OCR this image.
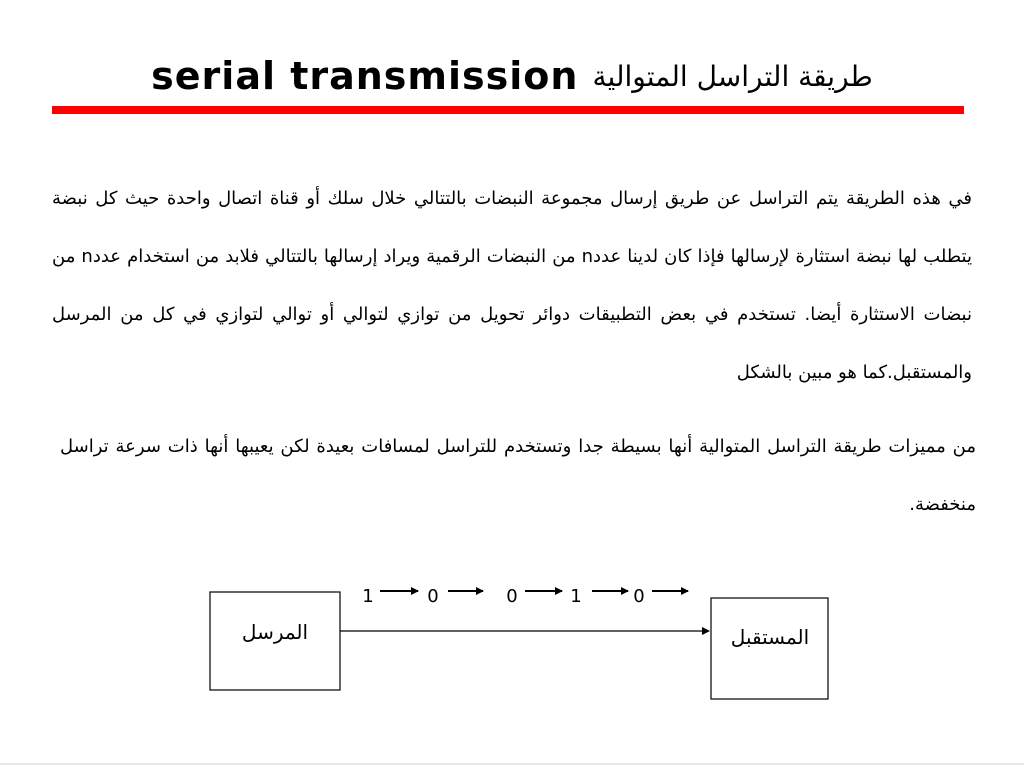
serial transmission طريقة التراسل المتوالية

في هذه الطريقة يتم التراسل عن طريق إرسال مجموعة النبضات بالتتالي خلال سلك أو قناة اتصال واحدة حيث كل نبضة يتطلب لها نبضة استثارة لإرسالها فإذا كان لدينا عددn من النبضات الرقمية ويراد إرسالها بالتتالي فلابد من استخدام عددn من نبضات الاستثارة أيضا. تستخدم في بعض التطبيقات دوائر تحويل من توازي لتوالي أو توالي لتوازي في كل من المرسل والمستقبل.كما هو مبين بالشكل

من مميزات طريقة التراسل المتوالية أنها بسيطة جدا وتستخدم للتراسل لمسافات بعيدة لكن يعيبها أنها ذات سرعة تراسل منخفضة.

المرسل	المستقبل
1	0	0	1	0
